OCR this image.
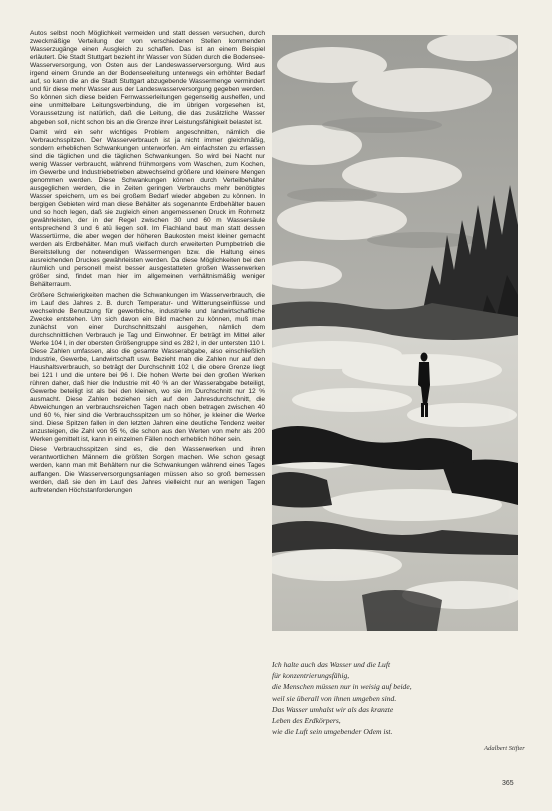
Autos selbst noch Möglichkeit vermeiden und statt dessen versuchen, durch zweckmäßige Verteilung der von verschiedenen Stellen kommenden Wasserzugänge einen Ausgleich zu schaffen. Das ist an einem Beispiel erläutert. Die Stadt Stuttgart bezieht ihr Wasser von Süden durch die Bodensee-Wasserversorgung, von Osten aus der Landeswasserversorgung. Wird aus irgend einem Grunde an der Bodenseeleitung unterwegs ein erhöhter Bedarf auf, so kann die an die Stadt Stuttgart abzugebende Wassermenge vermindert und für diese mehr Wasser aus der Landeswasserversorgung gegeben werden. So können sich diese beiden Fernwasserleitungen gegenseitig aushelfen, und eine unmittelbare Leitungsverbindung, die im übrigen vorgesehen ist, Voraussetzung ist natürlich, daß die Leitung, die das zusätzliche Wasser abgeben soll, nicht schon bis an die Grenze ihrer Leistungsfähigkeit belastet ist.

Damit wird ein sehr wichtiges Problem angeschnitten, nämlich die Verbrauchsspitzen. Der Wasserverbrauch ist ja nicht immer gleichmäßig, sondern erheblichen Schwankungen unterworfen. Am einfachsten zu erfassen sind die täglichen und die täglichen Schwankungen. So wird bei Nacht nur wenig Wasser verbraucht, während frühmorgens vom Waschen, zum Kochen, im Gewerbe und Industriebetrieben abwechselnd größere und kleinere Mengen genommen werden. Diese Schwankungen können durch Verteilbehälter ausgeglichen werden, die in Zeiten geringen Verbrauchs mehr benötigtes Wasser speichern, um es bei großem Bedarf wieder abgeben zu können. In bergigen Gebieten wird man diese Behälter als sogenannte Erdbehälter bauen und so hoch legen, daß sie zugleich einen angemessenen Druck im Rohrnetz gewährleisten, der in der Regel zwischen 30 und 60 m Wassersäule entsprechend 3 und 6 atü liegen soll. Im Flachland baut man statt dessen Wassertürme, die aber wegen der höheren Baukosten meist kleiner gemacht werden als Erdbehälter. Man muß vielfach durch erweiterten Pumpbetrieb die Bereitstellung der notwendigen Wassermengen bzw. die Haltung eines ausreichenden Druckes gewährleisten werden. Da diese Möglichkeiten bei den räumlich und personell meist besser ausgestatteten großen Wasserwerken größer sind, findet man hier im allgemeinen verhältnismäßig weniger Behälterraum.

Größere Schwierigkeiten machen die Schwankungen im Wasserverbrauch, die im Lauf des Jahres z. B. durch Temperatur- und Witterungseinflüsse und wechselnde Benutzung für gewerbliche, industrielle und landwirtschaftliche Zwecke entstehen. Um sich davon ein Bild machen zu können, muß man zunächst von einer Durchschnittszahl ausgehen, nämlich dem durchschnittlichen Verbrauch je Tag und Einwohner. Er beträgt im Mittel aller Werke 104 l, in der obersten Größengruppe sind es 282 l, in der untersten 110 l. Diese Zahlen umfassen, also die gesamte Wasserabgabe, also einschließlich Industrie, Gewerbe, Landwirtschaft usw. Bezieht man die Zahlen nur auf den Haushaltsverbrauch, so beträgt der Durchschnitt 102 l, die obere Grenze liegt bei 121 l und die untere bei 96 l. Die hohen Werte bei den großen Werken rühren daher, daß hier die Industrie mit 40 % an der Wasserabgabe beteiligt, Gewerbe beteiligt ist als bei den kleinen, wo sie im Durchschnitt nur 12 % ausmacht. Diese Zahlen beziehen sich auf den Jahresdurchschnitt, die Abweichungen an verbrauchsreichen Tagen nach oben betragen zwischen 40 und 60 %, hier sind die Verbrauchsspitzen um so höher, je kleiner die Werke sind. Diese Spitzen fallen in den letzten Jahren eine deutliche Tendenz weiter anzusteigen, die Zahl von 95 %, die schon aus den Werten von mehr als 200 Werken gemittelt ist, kann in einzelnen Fällen noch erheblich höher sein.

Diese Verbrauchsspitzen sind es, die den Wasserwerken und ihren verantwortlichen Männern die größten Sorgen machen. Wie schon gesagt werden, kann man mit Behältern nur die Schwankungen während eines Tages auffangen. Die Wasserversorgungsanlagen müssen also so groß bemessen werden, daß sie den im Lauf des Jahres vielleicht nur an wenigen Tagen auftretenden Höchstanforderungen

Ich halte auch das Wasser und die Luft
für konzentrierungsfähig,
die Menschen müssen nur in weisig auf beide,
weil sie überall von ihnen umgeben sind.
Das Wasser umhalst wir als das kranzte
Leben des Erdkörpers,
wie die Luft sein umgebender Odem ist.
Adalbert Stifter
365
